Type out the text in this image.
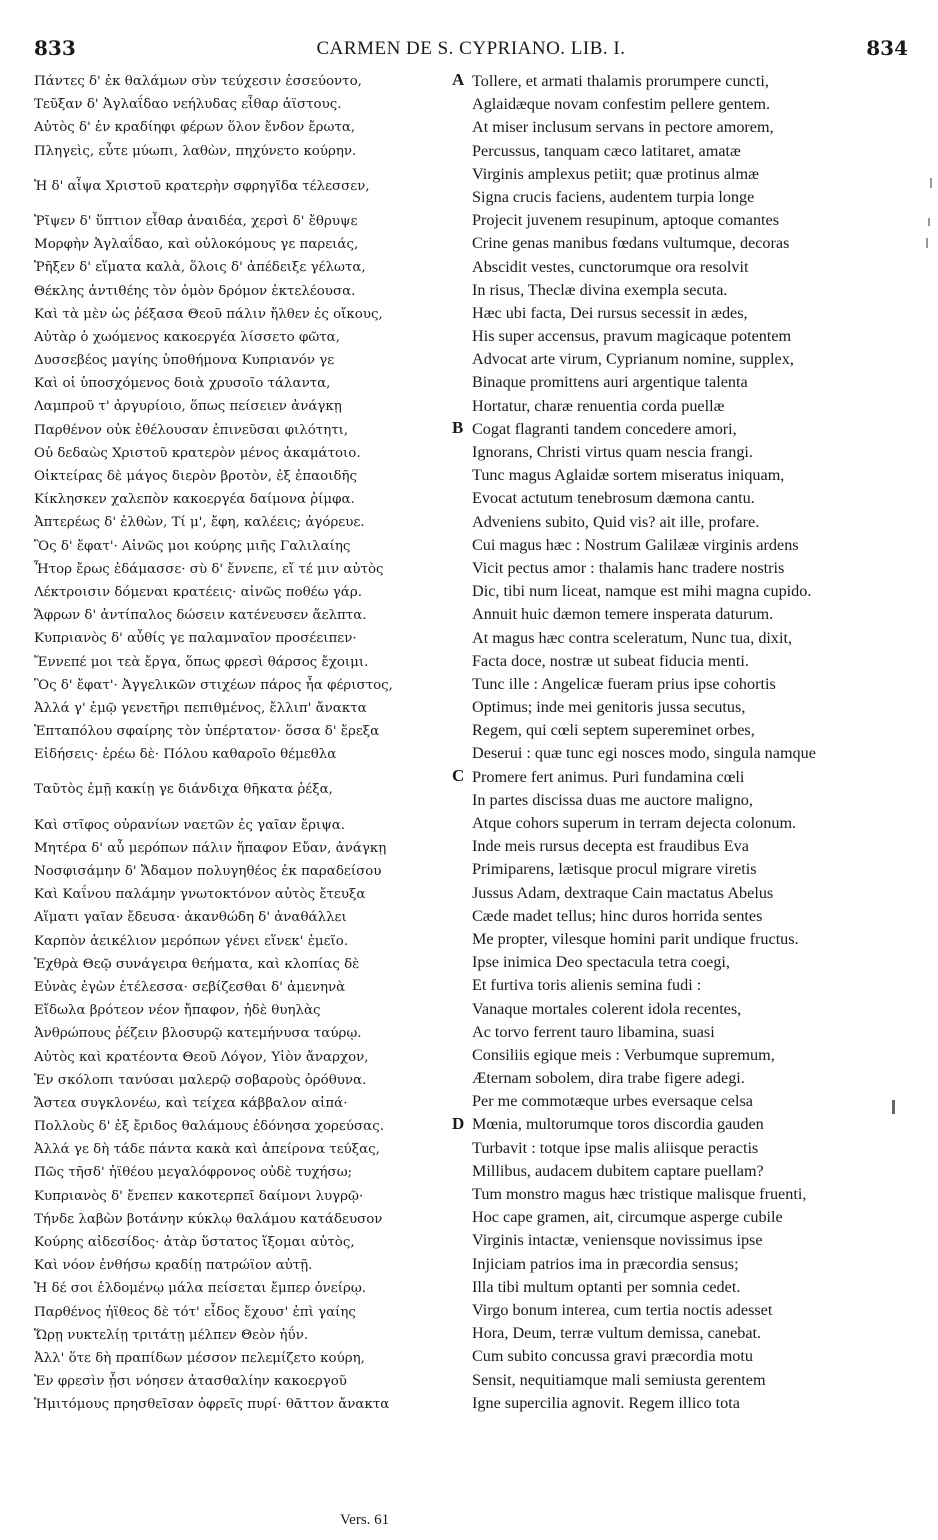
833	CARMEN DE S. CYPRIANO. LIB. I.	834
Πάντες δ' ἐκ θαλάμων σὺν τεύχεσιν ἐσσεύοντο,
Τεῦξαν δ' Ἀγλαΐδαο νεήλυδας εἶθαρ ἀϊστους.
Αὐτὸς δ' ἐν κραδίηφι φέρων ὅλον ἔνδον ἔρωτα,
Πληγεὶς, εὖτε μύωπι, λαθὼν, πηχύνετο κούρην.
Ἡ δ' αἶψα Χριστοῦ κρατερὴν σφρηγῖδα τέλεσσεν,
Ῥῖψεν δ' ὕπτιον εἶθαρ ἀναιδέα, χερσὶ δ' ἔθρυψε
Μορφὴν Ἀγλαΐδαο, καὶ οὐλοκόμους γε παρειάς,
Ῥῆξεν δ' εἵματα καλὰ, ὅλοις δ' ἀπέδειξε γέλωτα,
Θέκλης ἀντιθέης τὸν ὁμὸν δρόμον ἐκτελέουσα.
Καὶ τὰ μὲν ὡς ῥέξασα Θεοῦ πάλιν ἤλθεν ἐς οἴκους,
Αὐτὰρ ὁ χωόμενος κακοεργέα λίσσετο φῶτα,
Δυσσεβέος μαγίης ὑποθήμονα Κυπριανόν γε
Καὶ οἱ ὑποσχόμενος δοιὰ χρυσοῖο τάλαντα,
Λαμπροῦ τ' ἀργυρίοιο, ὅπως πείσειεν ἀνάγκῃ
Παρθένον οὐκ ἐθέλουσαν ἐπινεῦσαι φιλότητι,
Οὐ δεδαὼς Χριστοῦ κρατερὸν μένος ἀκαμάτοιο.
Οἰκτείρας δὲ μάγος διερὸν βροτὸν, ἐξ ἐπαοιδῆς
Κίκλησκεν χαλεπὸν κακοεργέα δαίμονα ῥίμφα.
Ἀπτερέως δ' ἐλθὼν, Τί μ', ἔφη, καλέεις; ἀγόρευε.
Ὃς δ' ἔφατ'· Αἰνῶς μοι κούρης μιῆς Γαλιλαίης
Ἦτορ ἔρως ἐδάμασσε· σὺ δ' ἔννεπε, εἴ τέ μιν αὐτὸς
Λέκτροισιν δόμεναι κρατέεις· αἰνῶς ποθέω γάρ.
Ἄφρων δ' ἀντίπαλος δώσειν κατένευσεν ἄελπτα.
Κυπριανὸς δ' αὖθίς γε παλαμναῖον προσέειπεν·
Ἔννεπέ μοι τεὰ ἔργα, ὅπως φρεσὶ θάρσος ἔχοιμι.
Ὃς δ' ἔφατ'· Ἀγγελικῶν στιχέων πάρος ἦα φέριστος,
Ἀλλά γ' ἐμῷ γενετῆρι πεπιθμένος, ἔλλιπ' ἄνακτα
Ἐπταπόλου σφαίρης τὸν ὑπέρτατον· ὅσσα δ' ἔρεξα
Εἰδήσεις· ἐρέω δὲ· Πόλου καθαροῖο θέμεθλα
Ταῦτὸς ἐμῇ κακίῃ γε διάνδιχα θῆκατα ῥέξα,
Καὶ στῖφος οὐρανίων ναετῶν ἐς γαῖαν ἔριψα.
Μητέρα δ' αὖ μερόπων πάλιν ἥπαφον Εὔαν, ἀνάγκῃ
Νοσφισάμην δ' Ἄδαμον πολυγηθέος ἐκ παραδείσου
Καὶ Καΐνου παλάμην γνωτοκτόνον αὐτὸς ἔτευξα
Αἵματι γαῖαν ἔδευσα· ἀκανθώδη δ' ἀναθάλλει
Καρπὸν ἀεικέλιον μερόπων γένει εἵνεκ' ἐμεῖο.
Ἐχθρὰ Θεῷ συνάγειρα θεήματα, καὶ κλοπίας δὲ
Εὐνὰς ἐγὼν ἐτέλεσσα· σεβίζεσθαι δ' ἀμενηνὰ
Εἴδωλα βρότεον νέον ἤπαφον, ἠδὲ θυηλὰς
Ἀνθρώπους ῥέζειν βλοσυρῷ κατεμήνυσα ταύρῳ.
Αὐτὸς καὶ κρατέοντα Θεοῦ Λόγον, Υἱὸν ἄναρχον,
Ἐν σκόλοπι τανύσαι μαλερῷ σοβαροὺς ὀρόθυνα.
Ἄστεα συγκλονέω, καὶ τείχεα κάββαλον αἰπά·
Πολλοὺς δ' ἐξ ἔριδος θαλάμους ἐδόνησα χορεύσας.
Ἀλλά γε δὴ τάδε πάντα κακὰ καὶ ἀπείρονα τεύξας,
Πῶς τῆσδ' ἠϊθέου μεγαλόφρονος οὐδὲ τυχήσω;
Κυπριανὸς δ' ἔνεπεν κακοτερπεῖ δαίμονι λυγρῷ·
Τήνδε λαβὼν βοτάνην κύκλῳ θαλάμου κατάδευσον
Κούρης αἰδεσίδος· ἀτὰρ ὕστατος ἵξομαι αὐτὸς,
Καὶ νόον ἐνθήσω κραδίῃ πατρώϊον αὐτῇ.
Ἡ δέ σοι ἑλδομένῳ μάλα πείσεται ἔμπερ ὀνείρῳ.
Παρθένος ἠϊθεος δὲ τότ' εἶδος ἔχουσ' ἐπὶ γαίης
Ὥρῃ νυκτελίῃ τριτάτῃ μέλπεν Θεὸν ἠΰν.
Ἀλλ' ὅτε δὴ πραπίδων μέσσον πελεμίζετο κούρη,
Ἐν φρεσὶν ᾗσι νόησεν ἀτασθαλίην κακοεργοῦ
Ἡμιτόμους πρησθεῖσαν ὀφρεῖς πυρί· θᾶττον ἄνακτα
Tollere, et armati thalamis prorumpere cuncti,
Aglaidæque novam confestim pellere gentem.
At miser inclusum servans in pectore amorem,
Percussus, tanquam cæco latitaret, amatæ
Virginis amplexus petiit; quæ protinus almæ
Signa crucis faciens, audentem turpia longe
Projecit juvenem resupinum, aptoque comantes
Crine genas manibus fœdans vultumque, decoras
Abscidit vestes, cunctorumque ora resolvit
In risus, Theclæ divina exempla secuta.
Hæc ubi facta, Dei rursus secessit in ædes,
His super accensus, pravum magicaque potentem
Advocat arte virum, Cyprianum nomine, supplex,
Binaque promittens auri argentique talenta
Hortatur, charæ renuentia corda puellæ
Cogat flagranti tandem concedere amori,
Ignorans, Christi virtus quam nescia frangi.
Tunc magus Aglaidæ sortem miseratus iniquam,
Evocat actutum tenebrosum dæmona cantu.
Adveniens subito, Quid vis? ait ille, profare.
Cui magus hæc : Nostrum Galilææ virginis ardens
Vicit pectus amor : thalamis hanc tradere nostris
Dic, tibi num liceat, namque est mihi magna cupido.
Annuit huic dæmon temere insperata daturum.
At magus hæc contra sceleratum, Nunc tua, dixit,
Facta doce, nostræ ut subeat fiducia menti.
Tunc ille : Angelicæ fueram prius ipse cohortis
Optimus; inde mei genitoris jussa secutus,
Regem, qui cœli septem supereminet orbes,
Deserui : quæ tunc egi nosces modo, singula namque
Promere fert animus. Puri fundamina cœli
In partes discissa duas me auctore maligno,
Atque cohors superum in terram dejecta colonum.
Inde meis rursus decepta est fraudibus Eva
Primiparens, lætisque procul migrare viretis
Jussus Adam, dextraque Cain mactatus Abelus
Cæde madet tellus; hinc duros horrida sentes
Me propter, vilesque homini parit undique fructus.
Ipse inimica Deo spectacula tetra coegi,
Et furtiva toris alienis semina fudi :
Vanaque mortales colerent idola recentes,
Ac torvo ferrent tauro libamina, suasi
Consiliis egique meis : Verbumque supremum,
Æternam sobolem, dira trabe figere adegi.
Per me commotæque urbes eversaque celsa
Mœnia, multorumque toros discordia gauden
Turbavit : totque ipse malis aliisque peractis
Millibus, audacem dubitem captare puellam?
Tum monstro magus hæc tristique malisque fruenti,
Hoc cape gramen, ait, circumque asperge cubile
Virginis intactæ, veniensque novissimus ipse
Injiciam patrios ima in præcordia sensus;
Illa tibi multum optanti per somnia cedet.
Virgo bonum interea, cum tertia noctis adesset
Hora, Deum, terræ vultum demissa, canebat.
Cum subito concussa gravi præcordia motu
Sensit, nequitiamque mali semiusta gerentem
Igne supercilia agnovit. Regem illico tota
A
B
C
D
Vers. 61
